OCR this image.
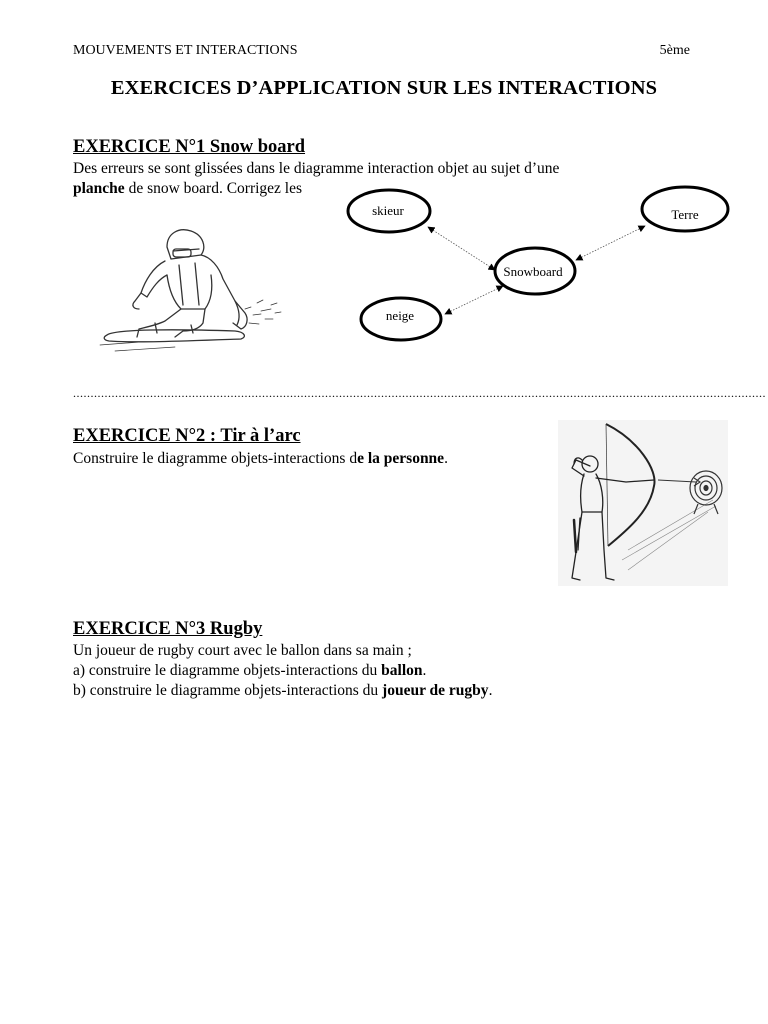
MOUVEMENTS ET INTERACTIONS	5ème
EXERCICES D’APPLICATION SUR LES INTERACTIONS
EXERCICE N°1 Snow board
Des erreurs se sont glissées dans le diagramme interaction objet au sujet d’une
planche de snow board. Corrigez les
skieur	Terre
Snowboard
neige
......................................................................................................................................................................................................
EXERCICE N°2 : Tir à l’arc
Construire le diagramme objets-interactions de la personne.
EXERCICE N°3 Rugby
Un joueur de rugby court avec le ballon dans sa main ;
a) construire le diagramme objets-interactions du ballon.
b) construire le diagramme objets-interactions du joueur de rugby.
